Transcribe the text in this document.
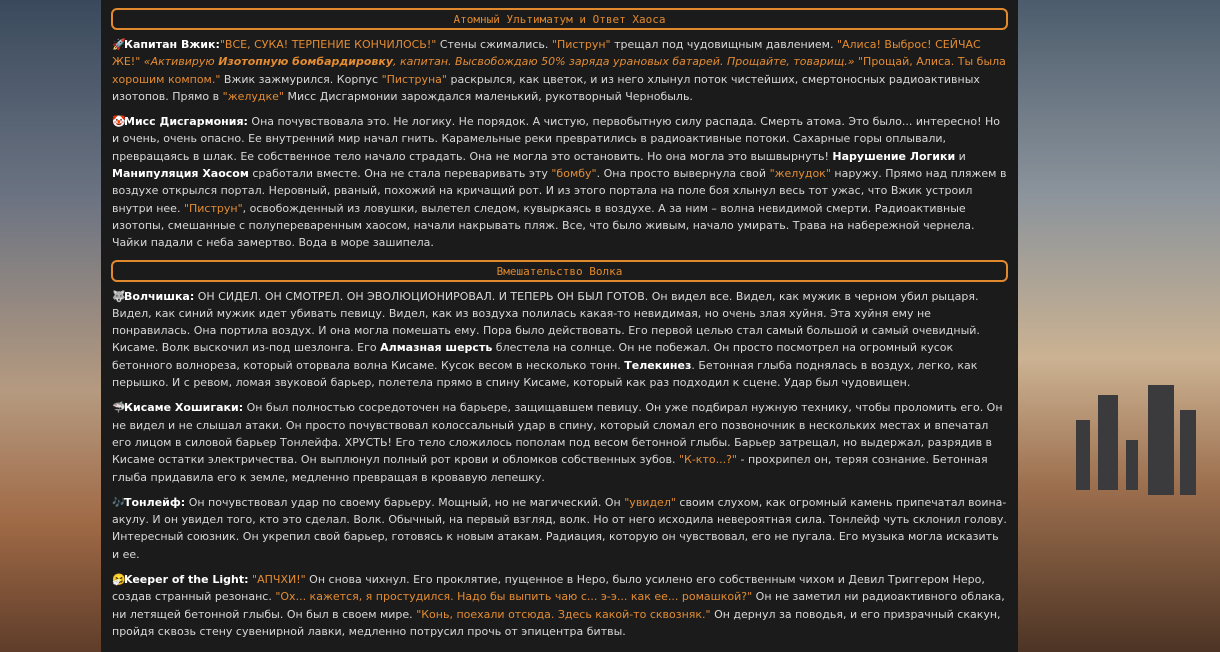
Атомный Ультиматум и Ответ Хаоса
🚀Капитан Вжик:"ВСЕ, СУКА! ТЕРПЕНИЕ КОНЧИЛОСЬ!" Стены сжимались. "Пиструн" трещал под чудовищным давлением. "Алиса! Выброс! СЕЙЧАС ЖЕ!" «Активирую Изотопную бомбардировку, капитан. Высвобождаю 50% заряда урановых батарей. Прощайте, товарищ.» "Прощай, Алиса. Ты была хорошим компом." Вжик зажмурился. Корпус "Пиструна" раскрылся, как цветок, и из него хлынул поток чистейших, смертоносных радиоактивных изотопов. Прямо в "желудке" Мисс Дисгармонии зарождался маленький, рукотворный Чернобыль.
🤡Мисс Дисгармония: Она почувствовала это. Не логику. Не порядок. А чистую, первобытную силу распада. Смерть атома. Это было... интересно! Но и очень, очень опасно. Ее внутренний мир начал гнить. Карамельные реки превратились в радиоактивные потоки. Сахарные горы оплывали, превращаясь в шлак. Ее собственное тело начало страдать. Она не могла это остановить. Но она могла это вышвырнуть! Нарушение Логики и Манипуляция Хаосом сработали вместе. Она не стала переваривать эту "бомбу". Она просто вывернула свой "желудок" наружу. Прямо над пляжем в воздухе открылся портал. Неровный, рваный, похожий на кричащий рот. И из этого портала на поле боя хлынул весь тот ужас, что Вжик устроил внутри нее. "Пиструн", освобожденный из ловушки, вылетел следом, кувыркаясь в воздухе. А за ним – волна невидимой смерти. Радиоактивные изотопы, смешанные с полупереваренным хаосом, начали накрывать пляж. Все, что было живым, начало умирать. Трава на набережной чернела. Чайки падали с неба замертво. Вода в море зашипела.
Вмешательство Волка
🐺Волчишка: ОН СИДЕЛ. ОН СМОТРЕЛ. ОН ЭВОЛЮЦИОНИРОВАЛ. И ТЕПЕРЬ ОН БЫЛ ГОТОВ. Он видел все. Видел, как мужик в черном убил рыцаря. Видел, как синий мужик идет убивать певицу. Видел, как из воздуха полилась какая-то невидимая, но очень злая хуйня. Эта хуйня ему не понравилась. Она портила воздух. И она могла помешать ему. Пора было действовать. Его первой целью стал самый большой и самый очевидный. Кисаме. Волк выскочил из-под шезлонга. Его Алмазная шерсть блестела на солнце. Он не побежал. Он просто посмотрел на огромный кусок бетонного волнореза, который оторвала волна Кисаме. Кусок весом в несколько тонн. Телекинез. Бетонная глыба поднялась в воздух, легко, как перышко. И с ревом, ломая звуковой барьер, полетела прямо в спину Кисаме, который как раз подходил к сцене. Удар был чудовищен.
🦈Кисаме Хошигаки: Он был полностью сосредоточен на барьере, защищавшем певицу. Он уже подбирал нужную технику, чтобы проломить его. Он не видел и не слышал атаки. Он просто почувствовал колоссальный удар в спину, который сломал его позвоночник в нескольких местах и впечатал его лицом в силовой барьер Тонлейфа. ХРУСТЬ! Его тело сложилось пополам под весом бетонной глыбы. Барьер затрещал, но выдержал, разрядив в Кисаме остатки электричества. Он выплюнул полный рот крови и обломков собственных зубов. "К-кто...?" - прохрипел он, теряя сознание. Бетонная глыба придавила его к земле, медленно превращая в кровавую лепешку.
🎶Тонлейф: Он почувствовал удар по своему барьеру. Мощный, но не магический. Он "увидел" своим слухом, как огромный камень припечатал воина-акулу. И он увидел того, кто это сделал. Волк. Обычный, на первый взгляд, волк. Но от него исходила невероятная сила. Тонлейф чуть склонил голову. Интересный союзник. Он укрепил свой барьер, готовясь к новым атакам. Радиация, которую он чувствовал, его не пугала. Его музыка могла исказить и ее.
🤧Keeper of the Light: "АПЧХИ!" Он снова чихнул. Его проклятие, пущенное в Неро, было усилено его собственным чихом и Девил Триггером Неро, создав странный резонанс. "Ох... кажется, я простудился. Надо бы выпить чаю с... э-э... как ее... ромашкой?" Он не заметил ни радиоактивного облака, ни летящей бетонной глыбы. Он был в своем мире. "Конь, поехали отсюда. Здесь какой-то сквозняк." Он дернул за поводья, и его призрачный скакун, пройдя сквозь стену сувенирной лавки, медленно потрусил прочь от эпицентра битвы.
